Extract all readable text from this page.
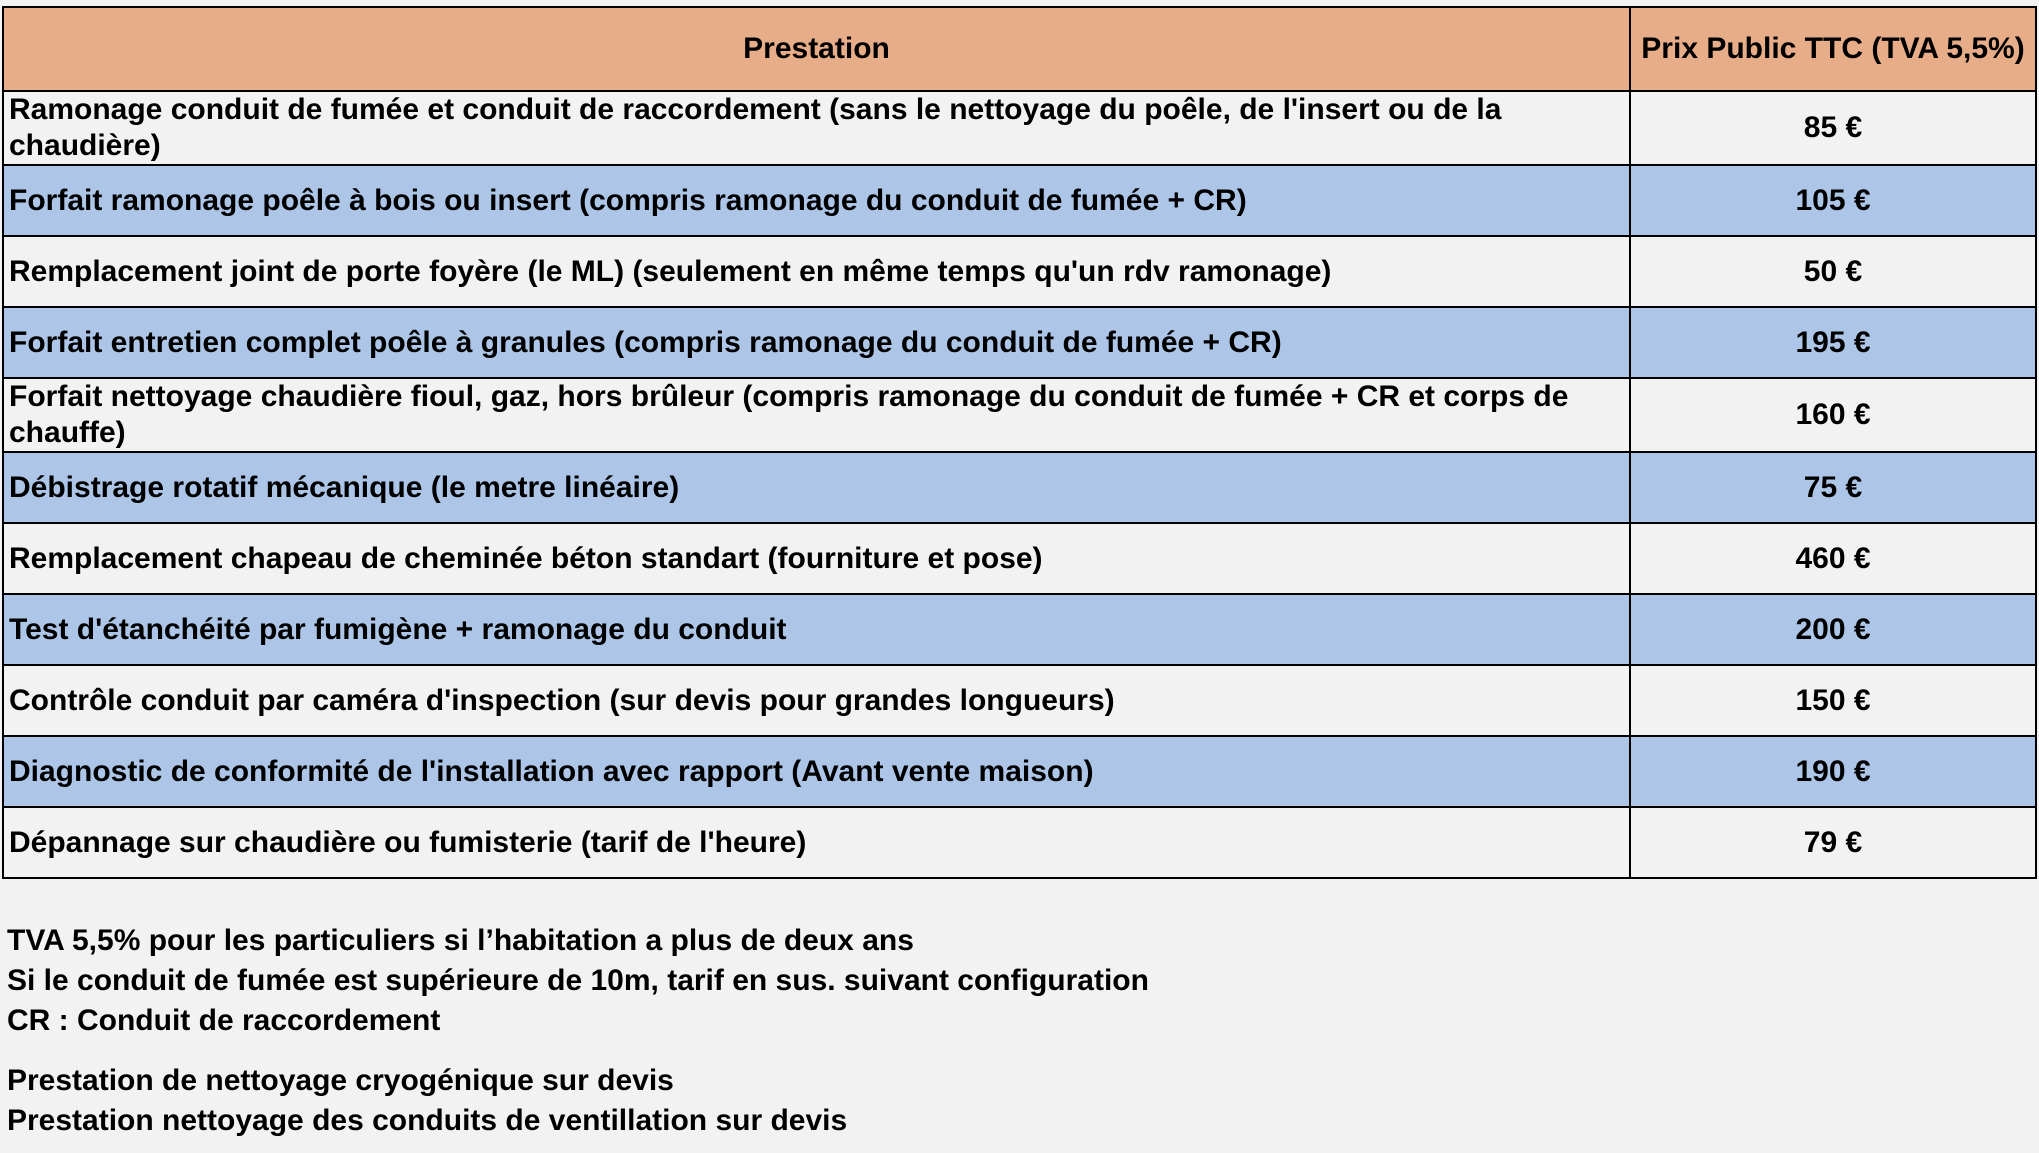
Prestation	Prix Public TTC (TVA 5,5%)
Ramonage conduit de fumée et conduit de raccordement (sans le nettoyage du poêle, de l'insert ou de la chaudière)	85 €
Forfait ramonage poêle à bois ou insert (compris ramonage du conduit de fumée + CR)	105 €
Remplacement joint de porte foyère (le ML) (seulement en même temps qu'un rdv ramonage)	50 €
Forfait entretien complet poêle à granules (compris ramonage du conduit de fumée + CR)	195 €
Forfait nettoyage chaudière fioul, gaz, hors brûleur (compris ramonage du conduit de fumée + CR et corps de chauffe)	160 €
Débistrage rotatif mécanique (le metre linéaire)	75 €
Remplacement chapeau de cheminée béton standart (fourniture et pose)	460 €
Test d'étanchéité par fumigène + ramonage du conduit	200 €
Contrôle conduit par caméra d'inspection (sur devis pour grandes longueurs)	150 €
Diagnostic de conformité de l'installation avec rapport (Avant vente maison)	190 €
Dépannage sur chaudière ou fumisterie (tarif de l'heure)	79 €
TVA 5,5% pour les particuliers si l’habitation a plus de deux ans
Si le conduit de fumée est supérieure de 10m, tarif en sus. suivant configuration
CR : Conduit de raccordement
Prestation de nettoyage cryogénique sur devis
Prestation nettoyage des conduits de ventillation sur devis
